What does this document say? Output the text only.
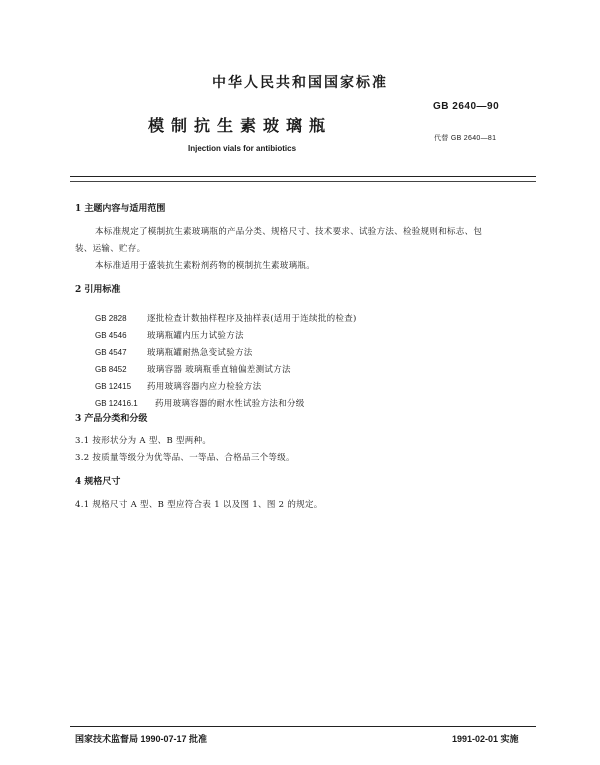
中华人民共和国国家标准
GB 2640—90
模制抗生素玻璃瓶
代替 GB 2640—81
Injection vials for antibiotics
1 主题内容与适用范围
本标准规定了模制抗生素玻璃瓶的产品分类、规格尺寸、技术要求、试验方法、检验规则和标志、包
装、运输、贮存。
本标准适用于盛装抗生素粉剂药物的模制抗生素玻璃瓶。
2 引用标准
GB 2828 逐批检查计数抽样程序及抽样表(适用于连续批的检查)
GB 4546 玻璃瓶罐内压力试验方法
GB 4547 玻璃瓶罐耐热急变试验方法
GB 8452 玻璃容器 玻璃瓶垂直轴偏差测试方法
GB 12415 药用玻璃容器内应力检验方法
GB 12416.1 药用玻璃容器的耐水性试验方法和分级
3 产品分类和分级
3.1 按形状分为 A 型、B 型两种。
3.2 按质量等级分为优等品、一等品、合格品三个等级。
4 规格尺寸
4.1 规格尺寸 A 型、B 型应符合表 1 以及图 1、图 2 的规定。
国家技术监督局 1990-07-17 批准	1991-02-01 实施
